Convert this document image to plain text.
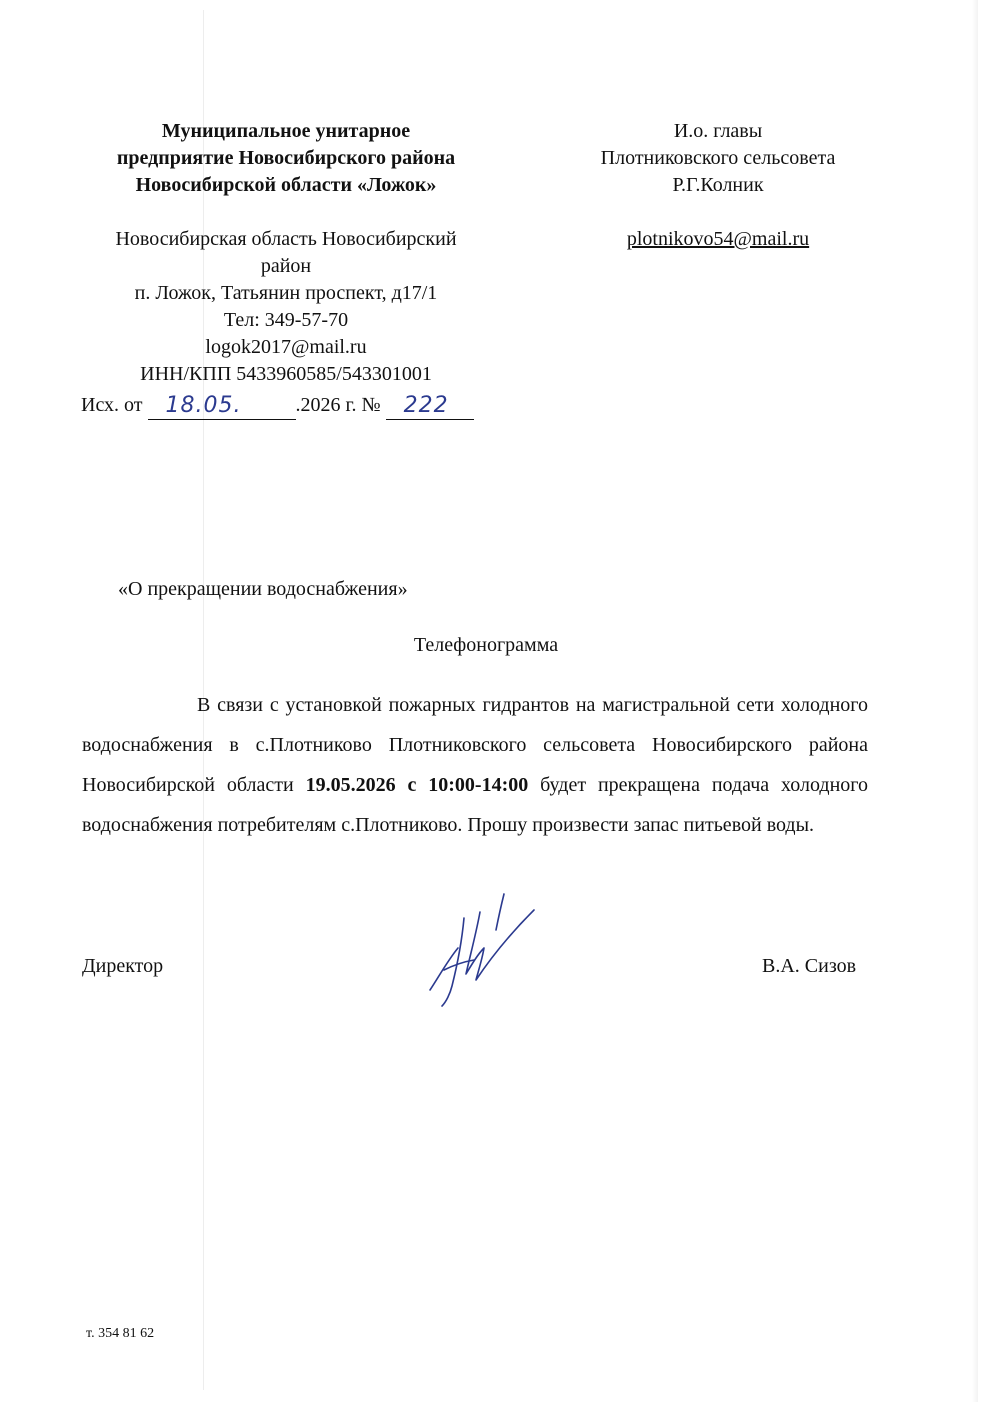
Муниципальное унитарное
предприятие Новосибирского района
Новосибирской области «Ложок»
Новосибирская область Новосибирский
район
п. Ложок, Татьянин проспект, д17/1
Тел: 349-57-70
logok2017@mail.ru
ИНН/КПП 5433960585/543301001
Исх. от 18.05.	.2026 г. № 222

И.о. главы
Плотниковского сельсовета
Р.Г.Колник
plotnikovo54@mail.ru
«О прекращении водоснабжения»
Телефонограмма
В связи с установкой пожарных гидрантов на магистральной сети холодного водоснабжения в с.Плотниково Плотниковского сельсовета Новосибирского района Новосибирской области 19.05.2026 с 10:00-14:00 будет прекращена подача холодного водоснабжения потребителям с.Плотниково. Прошу произвести запас питьевой воды.
Директор	В.А. Сизов
т. 354 81 62
